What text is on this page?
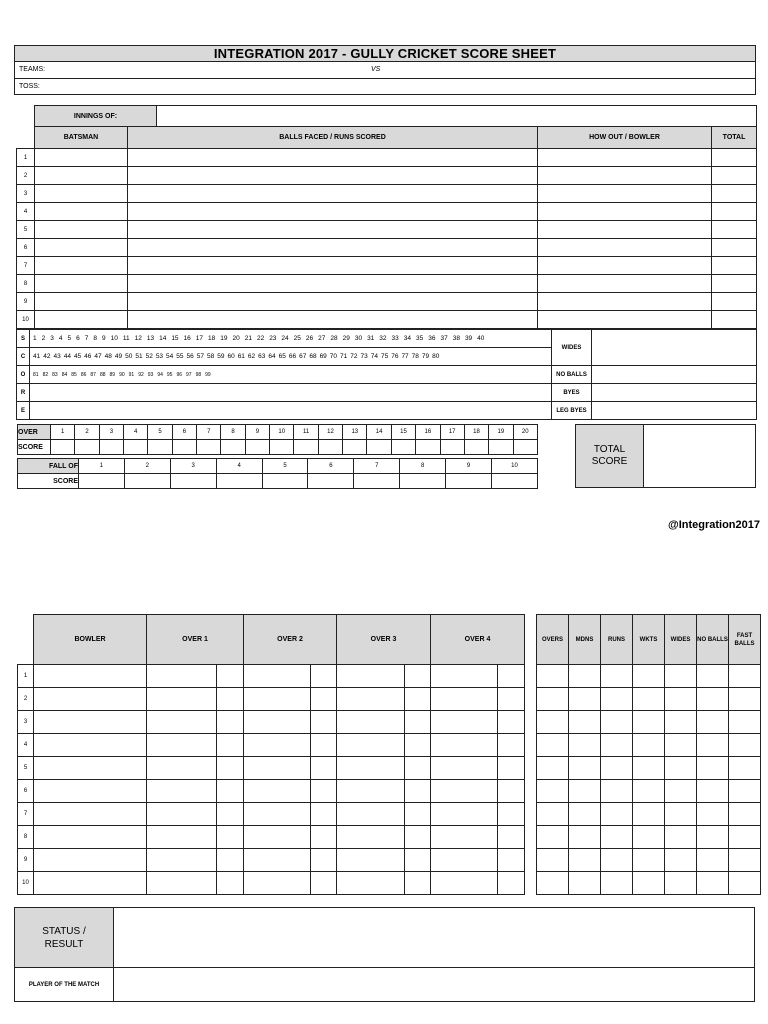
INTEGRATION 2017 - GULLY CRICKET SCORE SHEET
TEAMS:	VS
TOSS:
	INNINGS OF:				
	BATSMAN	BALLS FACED / RUNS SCORED		HOW OUT / BOWLER	TOTAL
1					
2					
3					
4					
5					
6					
7					
8					
9					
10					
S	1 2 3 4 5 6 7 8 9 10 11 12 13 14 15 16 17 18 19 20 21 22 23 24 25 26 27 28 29 30 31 32 33 34 35 36 37 38 39 40	WIDES	
C	41 42 43 44 45 46 47 48 49 50 51 52 53 54 55 56 57 58 59 60 61 62 63 64 65 66 67 68 69 70 71 72 73 74 75 76 77 78 79 80		
O	81 82 83 84 85 86 87 88 89 90 91 92 93 94 95 96 97 98 99	NO BALLS	
R		BYES	
E		LEG BYES	
OVER	1	2	3	4	5	6	7	8	9	10	11	12	13	14	15	16	17	18	19	20
SCORE																				
FALL OF	1	2	3	4	5	6	7	8	9	10
SCORE										
TOTAL SCORE	
@Integration2017
	BOWLER	OVER 1		OVER 2		OVER 3		OVER 4	
1									
2									
3									
4									
5									
6									
7									
8									
9									
10									
OVERS	MDNS	RUNS	WKTS	WIDES	NO BALLS	FAST BALLS

STATUS / RESULT	
PLAYER OF THE MATCH	
